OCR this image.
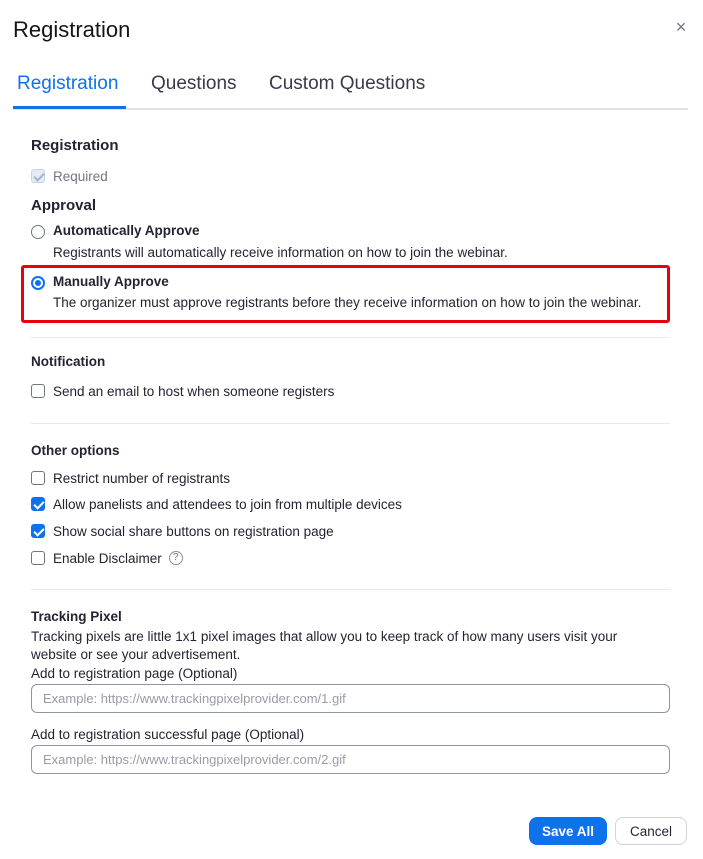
Registration	×
Registration Questions Custom Questions
Registration
Required
Approval
Automatically Approve
Registrants will automatically receive information on how to join the webinar.
Manually Approve
The organizer must approve registrants before they receive information on how to join the webinar.
Notification
Send an email to host when someone registers
Other options
Restrict number of registrants
Allow panelists and attendees to join from multiple devices
Show social share buttons on registration page
Enable Disclaimer	?
Tracking Pixel
Tracking pixels are little 1x1 pixel images that allow you to keep track of how many users visit your website or see your advertisement.
Add to registration page (Optional)
Example: https://www.trackingpixelprovider.com/1.gif
Add to registration successful page (Optional)
Example: https://www.trackingpixelprovider.com/2.gif
Save All	Cancel
